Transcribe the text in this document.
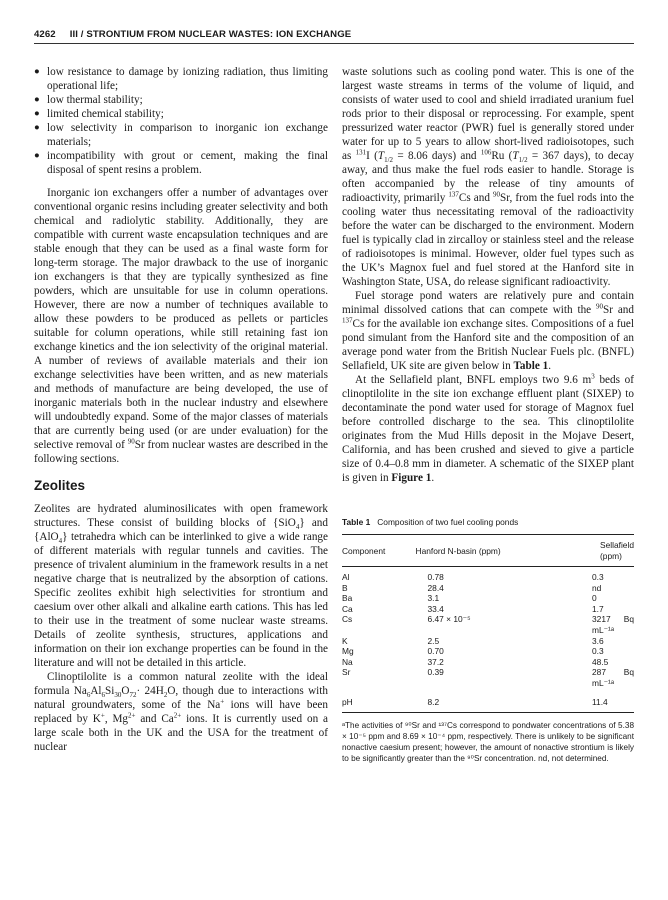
4262 III / STRONTIUM FROM NUCLEAR WASTES: ION EXCHANGE
● low resistance to damage by ionizing radiation, thus limiting operational life;
● low thermal stability;
● limited chemical stability;
● low selectivity in comparison to inorganic ion exchange materials;
● incompatibility with grout or cement, making the final disposal of spent resins a problem.

Inorganic ion exchangers offer a number of advantages over conventional organic resins including greater selectivity and both chemical and radiolytic stability. Additionally, they are compatible with current waste encapsulation techniques and are stable enough that they can be used as a final waste form for long-term storage. The major drawback to the use of inorganic ion exchangers is that they are typically synthesized as fine powders, which are unsuitable for use in column operations. However, there are now a number of techniques available to allow these powders to be produced as pellets or particles suitable for column operations, while still retaining fast ion exchange kinetics and the ion selectivity of the original material. A number of reviews of available materials and their ion exchange selectivities have been written, and as new materials and methods of manufacture are being developed, the use of inorganic materials both in the nuclear industry and elsewhere will undoubtedly expand. Some of the major classes of materials that are currently being used (or are under evaluation) for the selective removal of $^{90}$Sr from nuclear wastes are described in the following sections.

Zeolites

Zeolites are hydrated aluminosilicates with open framework structures. These consist of building blocks of {SiO$_4$} and {AlO$_4$} tetrahedra which can be interlinked to give a wide range of different materials with regular tunnels and cavities. The presence of trivalent aluminium in the framework results in a net negative charge that is neutralized by the absorption of cations. Specific zeolites exhibit high selectivities for strontium and caesium over other alkali and alkaline earth cations. This has led to their use in the treatment of some nuclear waste streams. Details of zeolite synthesis, structures, applications and information on their ion exchange properties can be found in the literature and will not be detailed in this article.

Clinoptilolite is a common natural zeolite with the ideal formula $Na_6Al_6Si_{30}O_{72}\cdot 24H_2O$, though due to interactions with natural groundwaters, some of the Na+ ions will have been replaced by K+, $Mg^{2+}$ and $Ca^{2+}$ ions. It is currently used on a large scale both in the UK and the USA for the treatment of nuclear

waste solutions such as cooling pond water. This is one of the largest waste streams in terms of the volume of liquid, and consists of water used to cool and shield irradiated uranium fuel rods prior to their disposal or reprocessing. For example, spent pressurized water reactor (PWR) fuel is generally stored under water for up to 5 years to allow short-lived radioisotopes, such as $^{131}$I ($T_{1/2} = 8.06$ days) and $^{106}$Ru ($T_{1/2} = 367$ days), to decay away, and thus make the fuel rods easier to handle. Storage is often accompanied by the release of tiny amounts of radioactivity, primarily $^{137}$Cs and $^{90}$Sr, from the fuel rods into the cooling water thus necessitating removal of the radioactivity before the water can be discharged to the environment. Modern fuel is typically clad in zircalloy or stainless steel and the release of radioisotopes is minimal. However, older fuel types such as the UK’s Magnox fuel and fuel stored at the Hanford site in Washington State, USA, do release significant radioactivity.

Fuel storage pond waters are relatively pure and contain minimal dissolved cations that can compete with the $^{90}$Sr and $^{137}$Cs for the available ion exchange sites. Compositions of a fuel pond simulant from the Hanford site and the composition of an average pond water from the British Nuclear Fuels plc. (BNFL) Sellafield, UK site are given below in Table 1.

At the Sellafield plant, BNFL employs two 9.6 $m^3$ beds of clinoptilolite in the site ion exchange effluent plant (SIXEP) to decontaminate the pond water used for storage of Magnox fuel before controlled discharge to the sea. This clinoptilolite originates from the Mud Hills deposit in the Mojave Desert, California, and has been crushed and sieved to give a particle size of 0.4–0.8 mm in diameter. A schematic of the SIXEP plant is given in Figure 1.

Table 1 Composition of two fuel cooling ponds
Component	Hanford N-basin (ppm)	Sellafield (ppm)
Al	0.78	0.3
B	28.4	nd
Ba	3.1	0
Ca	33.4	1.7
Cs	6.47 × 10⁻⁵	3217 Bq mL⁻¹ᵃ
K	2.5	3.6
Mg	0.70	0.3
Na	37.2	48.5
Sr	0.39	287 Bq mL⁻¹ᵃ
pH	8.2	11.4
ᵃThe activities of ⁹⁰Sr and ¹³⁷Cs correspond to pondwater concentrations of 5.38 × 10⁻⁵ ppm and 8.69 × 10⁻⁴ ppm, respectively. There is unlikely to be significant nonactive caesium present; however, the amount of nonactive strontium is likely to be significantly greater than the ⁹⁰Sr concentration. nd, not determined.
